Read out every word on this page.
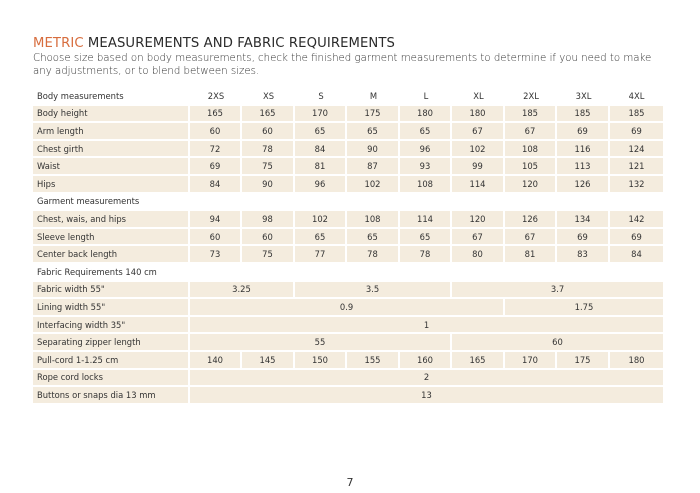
METRIC MEASUREMENTS AND FABRIC REQUIREMENTS

Choose size based on body measurements, check the finished garment measurements to determine if you need to make any adjustments, or to blend between sizes.

Body measurements	2XS	XS	S	M	L	XL	2XL	3XL	4XL
Body height	165	165	170	175	180	180	185	185	185
Arm length	60	60	65	65	65	67	67	69	69
Chest girth	72	78	84	90	96	102	108	116	124
Waist	69	75	81	87	93	99	105	113	121
Hips	84	90	96	102	108	114	120	126	132
Garment measurements									
Chest, wais, and hips	94	98	102	108	114	120	126	134	142
Sleeve length	60	60	65	65	65	67	67	69	69
Center back length	73	75	77	78	78	80	81	83	84
Fabric Requirements 140 cm									
Fabric width 55"	3.25		3.5			3.7			
Lining width 55"	0.9						1.75		
Interfacing width 35"	1								
Separating zipper length	55					60			
Pull-cord 1-1.25 cm	140	145	150	155	160	165	170	175	180
Rope cord locks	2								
Buttons or snaps dia 13 mm	13								
7
